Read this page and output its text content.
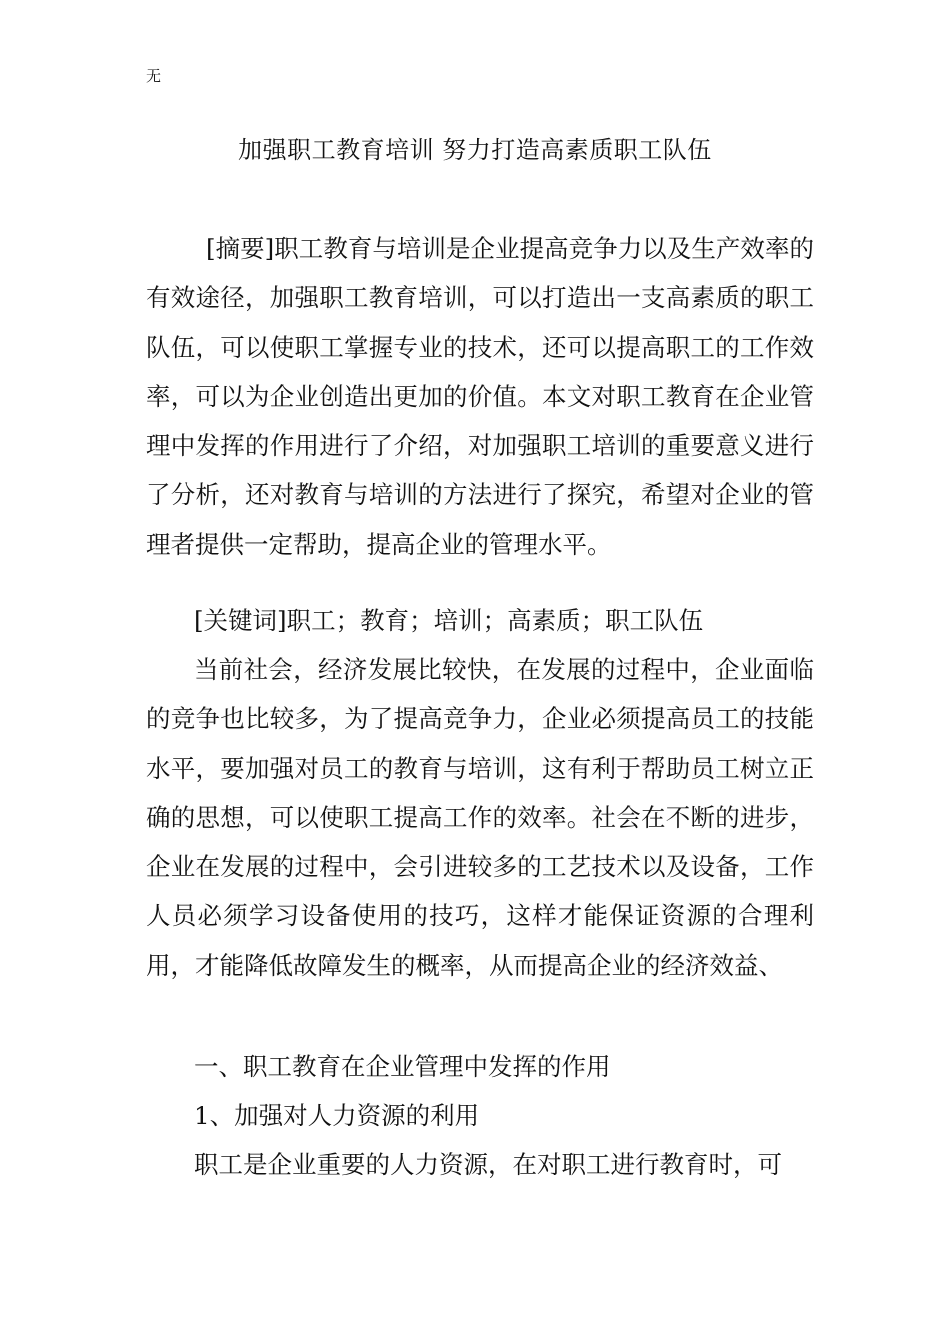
无
加强职工教育培训 努力打造高素质职工队伍

[摘要]职工教育与培训是企业提高竞争力以及生产效率的有效途径，加强职工教育培训，可以打造出一支高素质的职工队伍，可以使职工掌握专业的技术，还可以提高职工的工作效率，可以为企业创造出更加的价值。本文对职工教育在企业管理中发挥的作用进行了介绍，对加强职工培训的重要意义进行了分析，还对教育与培训的方法进行了探究，希望对企业的管理者提供一定帮助，提高企业的管理水平。

[关键词]职工；教育；培训；高素质；职工队伍

当前社会，经济发展比较快，在发展的过程中，企业面临的竞争也比较多，为了提高竞争力，企业必须提高员工的技能水平，要加强对员工的教育与培训，这有利于帮助员工树立正确的思想，可以使职工提高工作的效率。社会在不断的进步，企业在发展的过程中，会引进较多的工艺技术以及设备，工作人员必须学习设备使用的技巧，这样才能保证资源的合理利用，才能降低故障发生的概率，从而提高企业的经济效益、

一、职工教育在企业管理中发挥的作用

1、加强对人力资源的利用

职工是企业重要的人力资源，在对职工进行教育时，可
